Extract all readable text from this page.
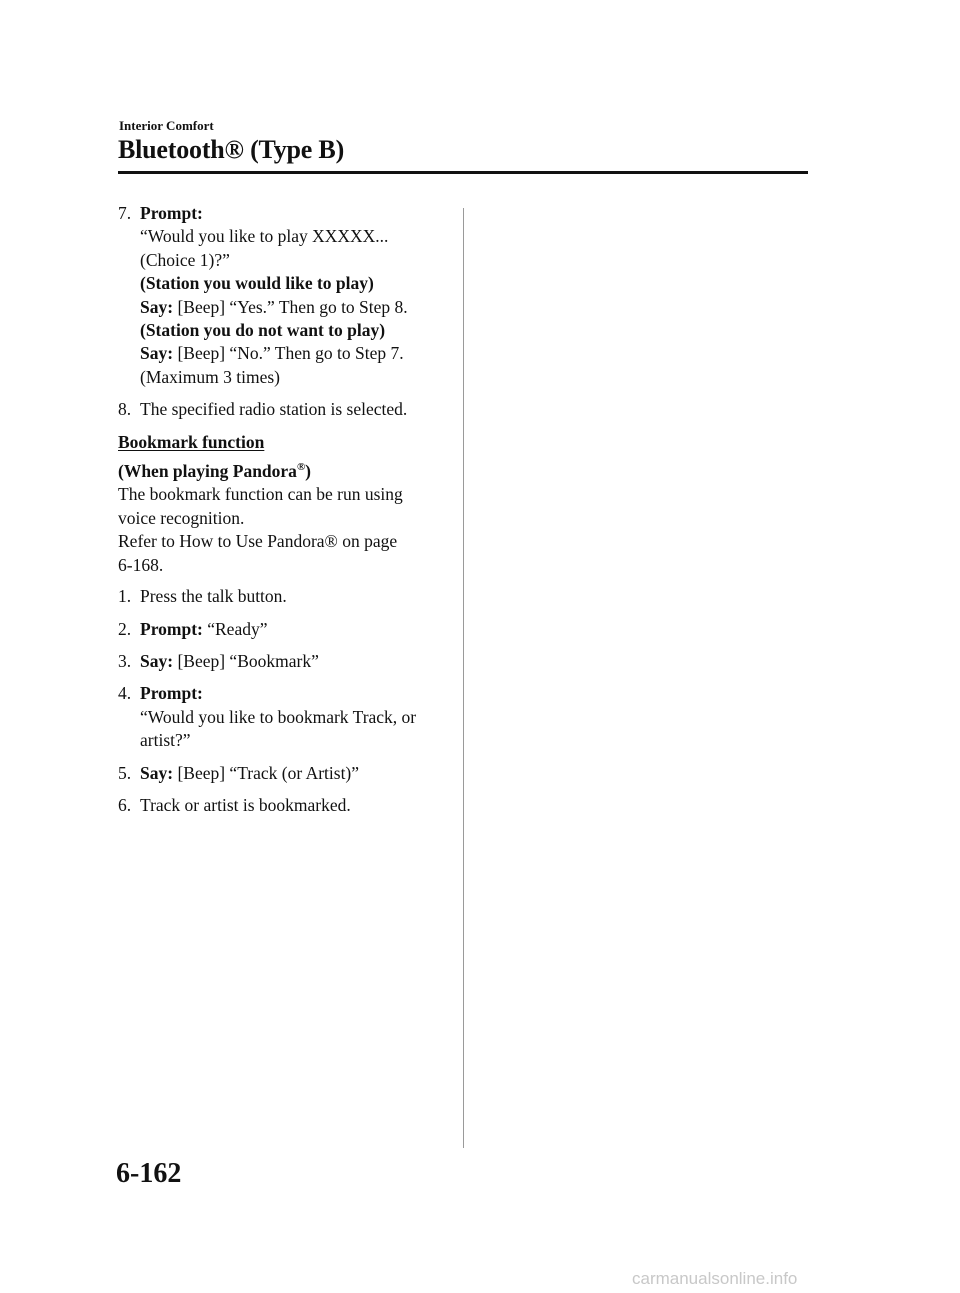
Interior Comfort
Bluetooth® (Type B)
7. Prompt:
“Would you like to play XXXXX...
(Choice 1)?”
(Station you would like to play)
Say: [Beep] “Yes.” Then go to Step 8.
(Station you do not want to play)
Say: [Beep] “No.” Then go to Step 7.
(Maximum 3 times)
8. The specified radio station is selected.
Bookmark function
(When playing Pandora®)
The bookmark function can be run using
voice recognition.
Refer to How to Use Pandora® on page
6-168.
1. Press the talk button.
2. Prompt: “Ready”
3. Say: [Beep] “Bookmark”
4. Prompt:
“Would you like to bookmark Track, or
artist?”
5. Say: [Beep] “Track (or Artist)”
6. Track or artist is bookmarked.
6-162
carmanualsonline.info
